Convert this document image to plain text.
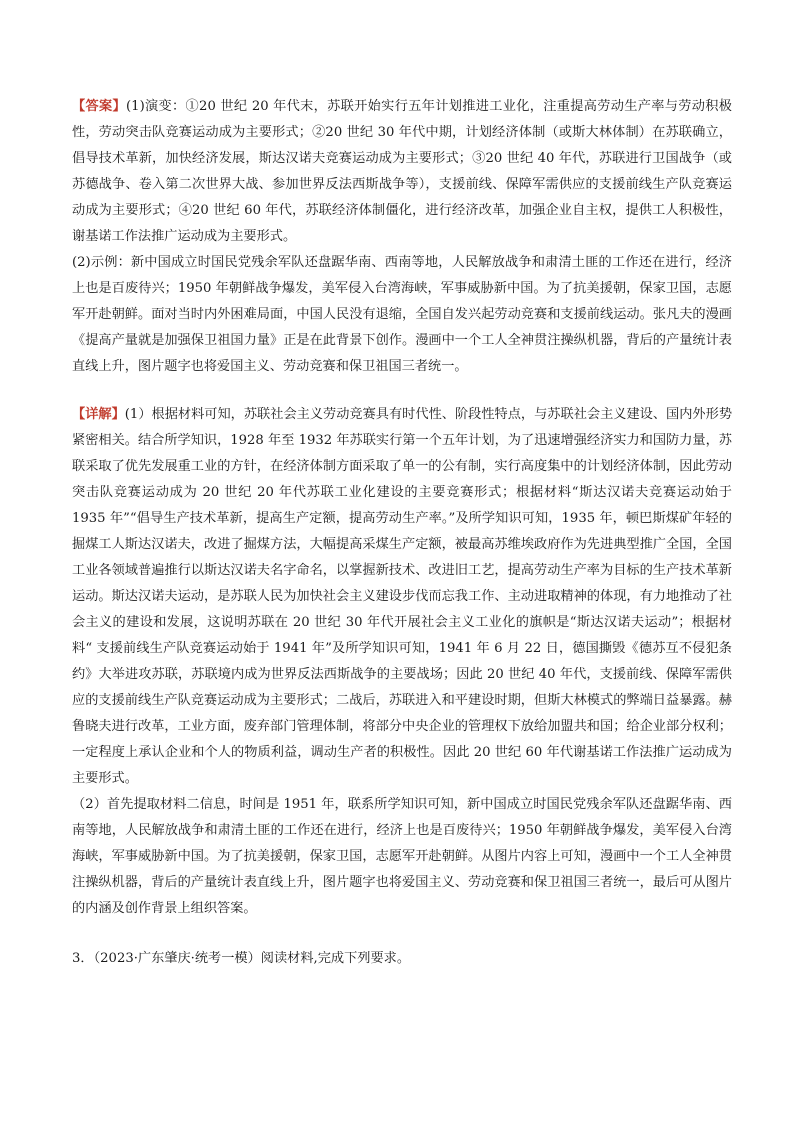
【答案】(1)演变：①20 世纪 20 年代末，苏联开始实行五年计划推进工业化，注重提高劳动生产率与劳动积极性，劳动突击队竞赛运动成为主要形式；②20 世纪 30 年代中期，计划经济体制（或斯大林体制）在苏联确立，倡导技术革新，加快经济发展，斯达汉诺夫竞赛运动成为主要形式；③20 世纪 40 年代，苏联进行卫国战争（或苏德战争、卷入第二次世界大战、参加世界反法西斯战争等），支援前线、保障军需供应的支援前线生产队竞赛运动成为主要形式；④20 世纪 60 年代，苏联经济体制僵化，进行经济改革，加强企业自主权，提供工人积极性，谢基诺工作法推广运动成为主要形式。

(2)示例：新中国成立时国民党残余军队还盘踞华南、西南等地，人民解放战争和肃清土匪的工作还在进行，经济上也是百废待兴；1950 年朝鲜战争爆发，美军侵入台湾海峡，军事威胁新中国。为了抗美援朝，保家卫国，志愿军开赴朝鲜。面对当时内外困难局面，中国人民没有退缩，全国自发兴起劳动竞赛和支援前线运动。张凡夫的漫画《提高产量就是加强保卫祖国力量》正是在此背景下创作。漫画中一个工人全神贯注操纵机器，背后的产量统计表直线上升，图片题字也将爱国主义、劳动竞赛和保卫祖国三者统一。

【详解】(1）根据材料可知，苏联社会主义劳动竞赛具有时代性、阶段性特点，与苏联社会主义建设、国内外形势紧密相关。结合所学知识，1928 年至 1932 年苏联实行第一个五年计划，为了迅速增强经济实力和国防力量，苏联采取了优先发展重工业的方针，在经济体制方面采取了单一的公有制，实行高度集中的计划经济体制，因此劳动突击队竞赛运动成为 20 世纪 20 年代苏联工业化建设的主要竞赛形式；根据材料“斯达汉诺夫竞赛运动始于 1935 年”“倡导生产技术革新，提高生产定额，提高劳动生产率。”及所学知识可知，1935 年，顿巴斯煤矿年轻的掘煤工人斯达汉诺夫，改进了掘煤方法，大幅提高采煤生产定额，被最高苏维埃政府作为先进典型推广全国，全国工业各领域普遍推行以斯达汉诺夫名字命名，以掌握新技术、改进旧工艺，提高劳动生产率为目标的生产技术革新运动。斯达汉诺夫运动，是苏联人民为加快社会主义建设步伐而忘我工作、主动进取精神的体现，有力地推动了社会主义的建设和发展，这说明苏联在 20 世纪 30 年代开展社会主义工业化的旗帜是“斯达汉诺夫运动”；根据材料“ 支援前线生产队竞赛运动始于 1941 年”及所学知识可知，1941 年 6 月 22 日，德国撕毁《德苏互不侵犯条约》大举进攻苏联，苏联境内成为世界反法西斯战争的主要战场；因此 20 世纪 40 年代，支援前线、保障军需供应的支援前线生产队竞赛运动成为主要形式；二战后，苏联进入和平建设时期，但斯大林模式的弊端日益暴露。赫鲁晓夫进行改革，工业方面，废弃部门管理体制，将部分中央企业的管理权下放给加盟共和国；给企业部分权利；一定程度上承认企业和个人的物质利益，调动生产者的积极性。因此 20 世纪 60 年代谢基诺工作法推广运动成为主要形式。

（2）首先提取材料二信息，时间是 1951 年，联系所学知识可知，新中国成立时国民党残余军队还盘踞华南、西南等地，人民解放战争和肃清土匪的工作还在进行，经济上也是百废待兴；1950 年朝鲜战争爆发，美军侵入台湾海峡，军事威胁新中国。为了抗美援朝，保家卫国，志愿军开赴朝鲜。从图片内容上可知，漫画中一个工人全神贯注操纵机器，背后的产量统计表直线上升，图片题字也将爱国主义、劳动竞赛和保卫祖国三者统一，最后可从图片的内涵及创作背景上组织答案。

3．（2023·广东肇庆·统考一模）阅读材料,完成下列要求。
